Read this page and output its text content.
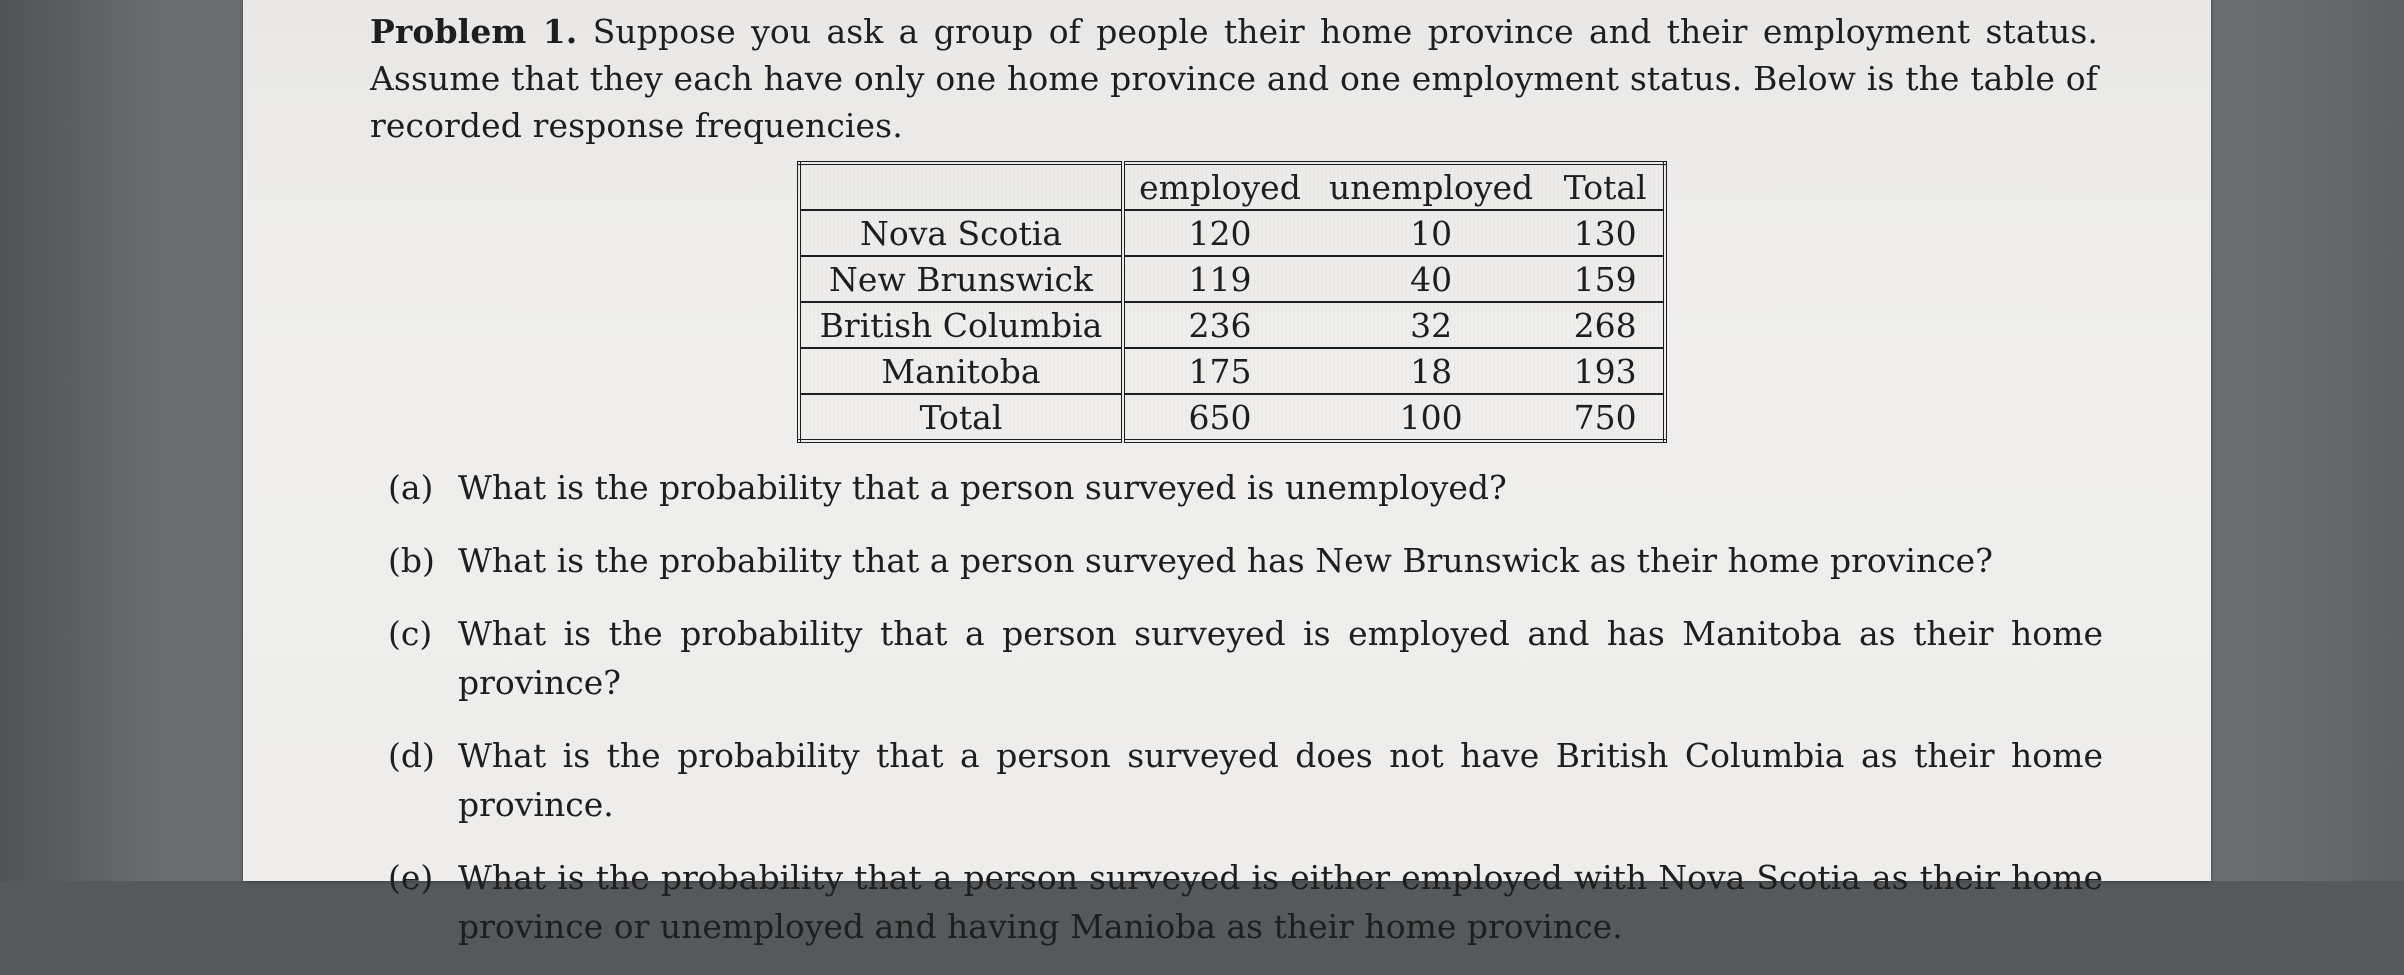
Problem 1. Suppose you ask a group of people their home province and their employment status. Assume that they each have only one home province and one employment status. Below is the table of recorded response frequencies.
	employed	unemployed	Total
Nova Scotia	120	10	130
New Brunswick	119	40	159
British Columbia	236	32	268
Manitoba	175	18	193
Total	650	100	750
(a) What is the probability that a person surveyed is unemployed?
(b) What is the probability that a person surveyed has New Brunswick as their home province?
(c) What is the probability that a person surveyed is employed and has Manitoba as their home province?
(d) What is the probability that a person surveyed does not have British Columbia as their home province.
(e) What is the probability that a person surveyed is either employed with Nova Scotia as their home province or unemployed and having Manioba as their home province.
